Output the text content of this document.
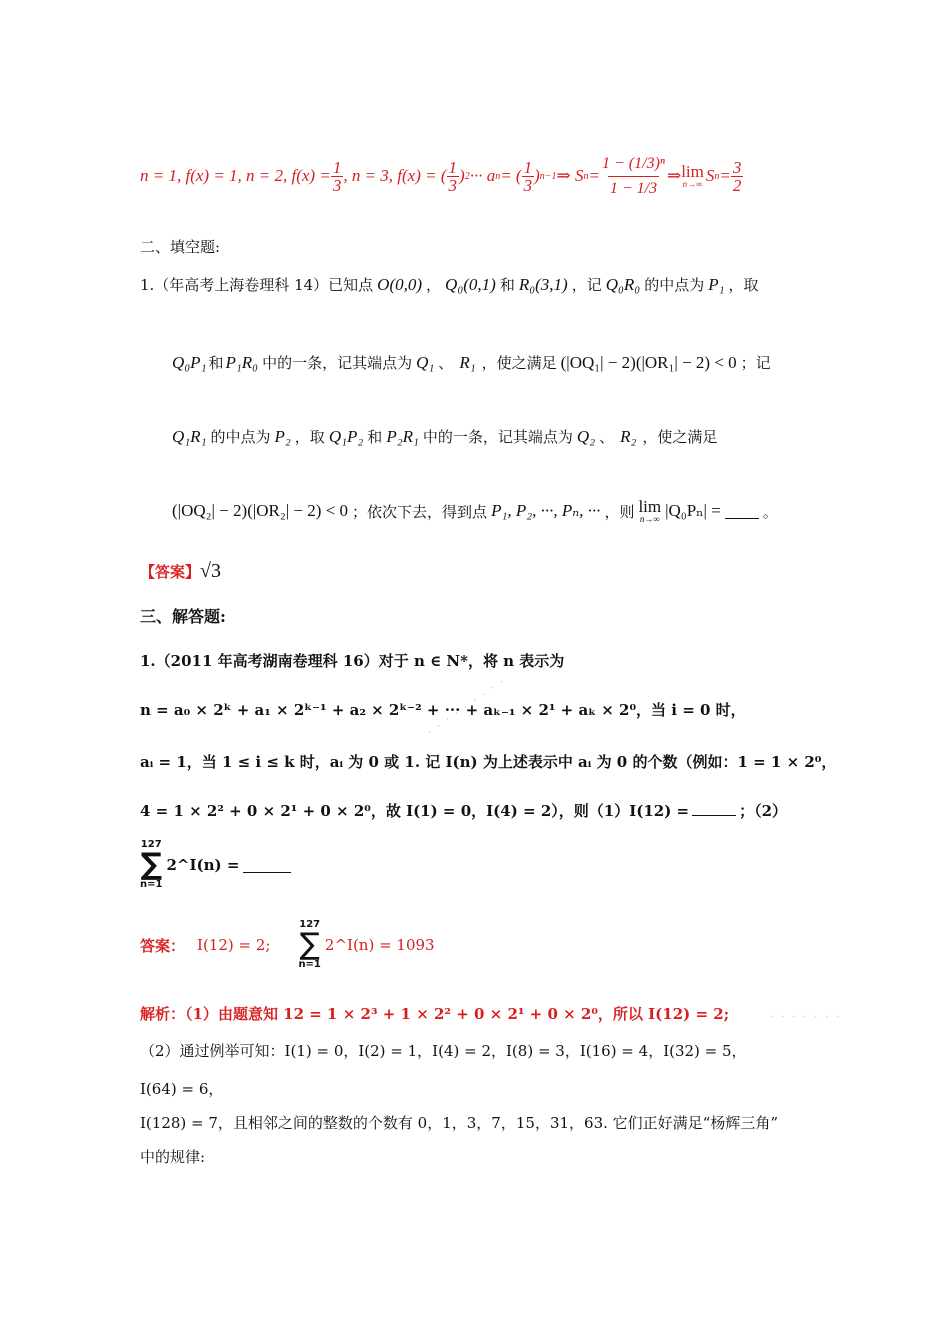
n = 1, f(x) = 1, n = 2, $f(x) = \frac{1}{3}$ , n = 3, f(x) = ( $\frac{1}{3}$ ) 2 ··· a n = ( $\frac{1}{3}$ ) n−1 ⇒ S $n = \frac{\text{1 − (1/3)ⁿ}}{1 - 1/3}$ ⇒ lim
n→∞ S $n = \frac{3}{2}$
二、填空题:
1.（年高考上海卷理科 14）已知点 O(0,0) ， Q₀(0,1) 和 R₀(3,1) ，记 Q₀R₀ 的中点为 P₁ ，取
Q₀P₁ 和 P₁R₀ 中的一条，记其端点为 Q₁ 、 R₁ ，使之满足 (|OQ₁| − 2)(|OR₁| − 2) < 0 ；记
Q₁R₁ 的中点为 P₂ ，取 Q₁P₂ 和 P₂R₁ 中的一条，记其端点为 Q₂ 、 R₂ ，使之满足
(|OQ₂| − 2)(|OR₂| − 2) < 0 ；依次下去，得到点 P₁, P₂, ···, Pₙ, ··· ，则 lim
n→∞ |Q₀Pₙ| =	。
【答案】 √3
三、解答题:
1.（2011 年高考湖南卷理科 16）对于 n ∈ N*，将 n 表示为
n = a₀ × 2ᵏ + a₁ × 2ᵏ⁻¹ + a₂ × 2ᵏ⁻² + ··· + aₖ₋₁ × 2¹ + aₖ × 2⁰，当 i = 0 时，
aᵢ = 1，当 1 ≤ i ≤ k 时，aᵢ 为 0 或 1. 记 I(n) 为上述表示中 aᵢ 为 0 的个数（例如：1 = 1 × 2⁰，
4 = 1 × 2² + 0 × 2¹ + 0 × 2⁰，故 I(1) = 0，I(4) = 2），则（1）I(12) =	；（2）
127
∑
n=1
2^I(n) =
答案： I(12) = 2;
127
∑
n=1
2^I(n) = 1093
解析：（1） 由题意知 12 = 1 × 2³ + 1 × 2² + 0 × 2¹ + 0 × 2⁰，所以 I(12) = 2;	· · · · · · ·
· · · · · · · · ·
（2）通过例举可知：I(1) = 0，I(2) = 1，I(4) = 2，I(8) = 3，I(16) = 4，I(32) = 5，
I(64) = 6，
I(128) = 7，且相邻之间的整数的个数有 0，1，3，7，15，31，63. 它们正好满足“杨辉三角”
中的规律:
